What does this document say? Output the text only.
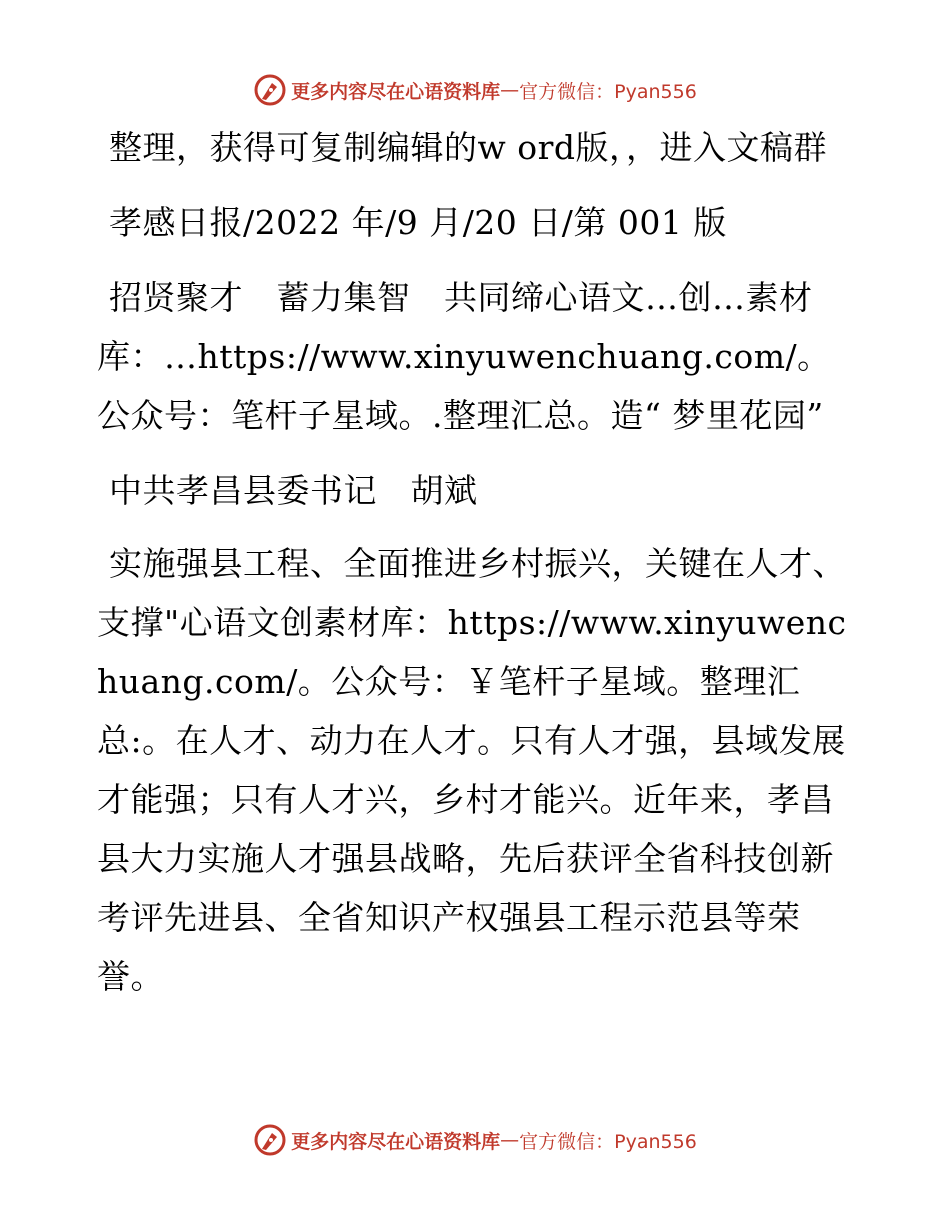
更多内容尽在心语资料库 — 官方微信：Pyan556

整理，获得可复制编辑的w ord版，，进入文稿群

孝感日报/2022 年/9 月/20 日/第 001 版

招贤聚才　蓄力集智　共同缔心语文…创…素材库：…https://www.xinyuwenchuang.com/。公众号：笔杆子星域。.整理汇总。造“ 梦里花园”

中共孝昌县委书记　胡斌

实施强县工程、全面推进乡村振兴，关键在人才、支撑"心语文创素材库：https://www.xinyuwenchuang.com/。公众号：￥笔杆子星域。整理汇总:。在人才、动力在人才。只有人才强，县域发展才能强；只有人才兴，乡村才能兴。近年来，孝昌县大力实施人才强县战略，先后获评全省科技创新考评先进县、全省知识产权强县工程示范县等荣誉。

更多内容尽在心语资料库 — 官方微信：Pyan556
